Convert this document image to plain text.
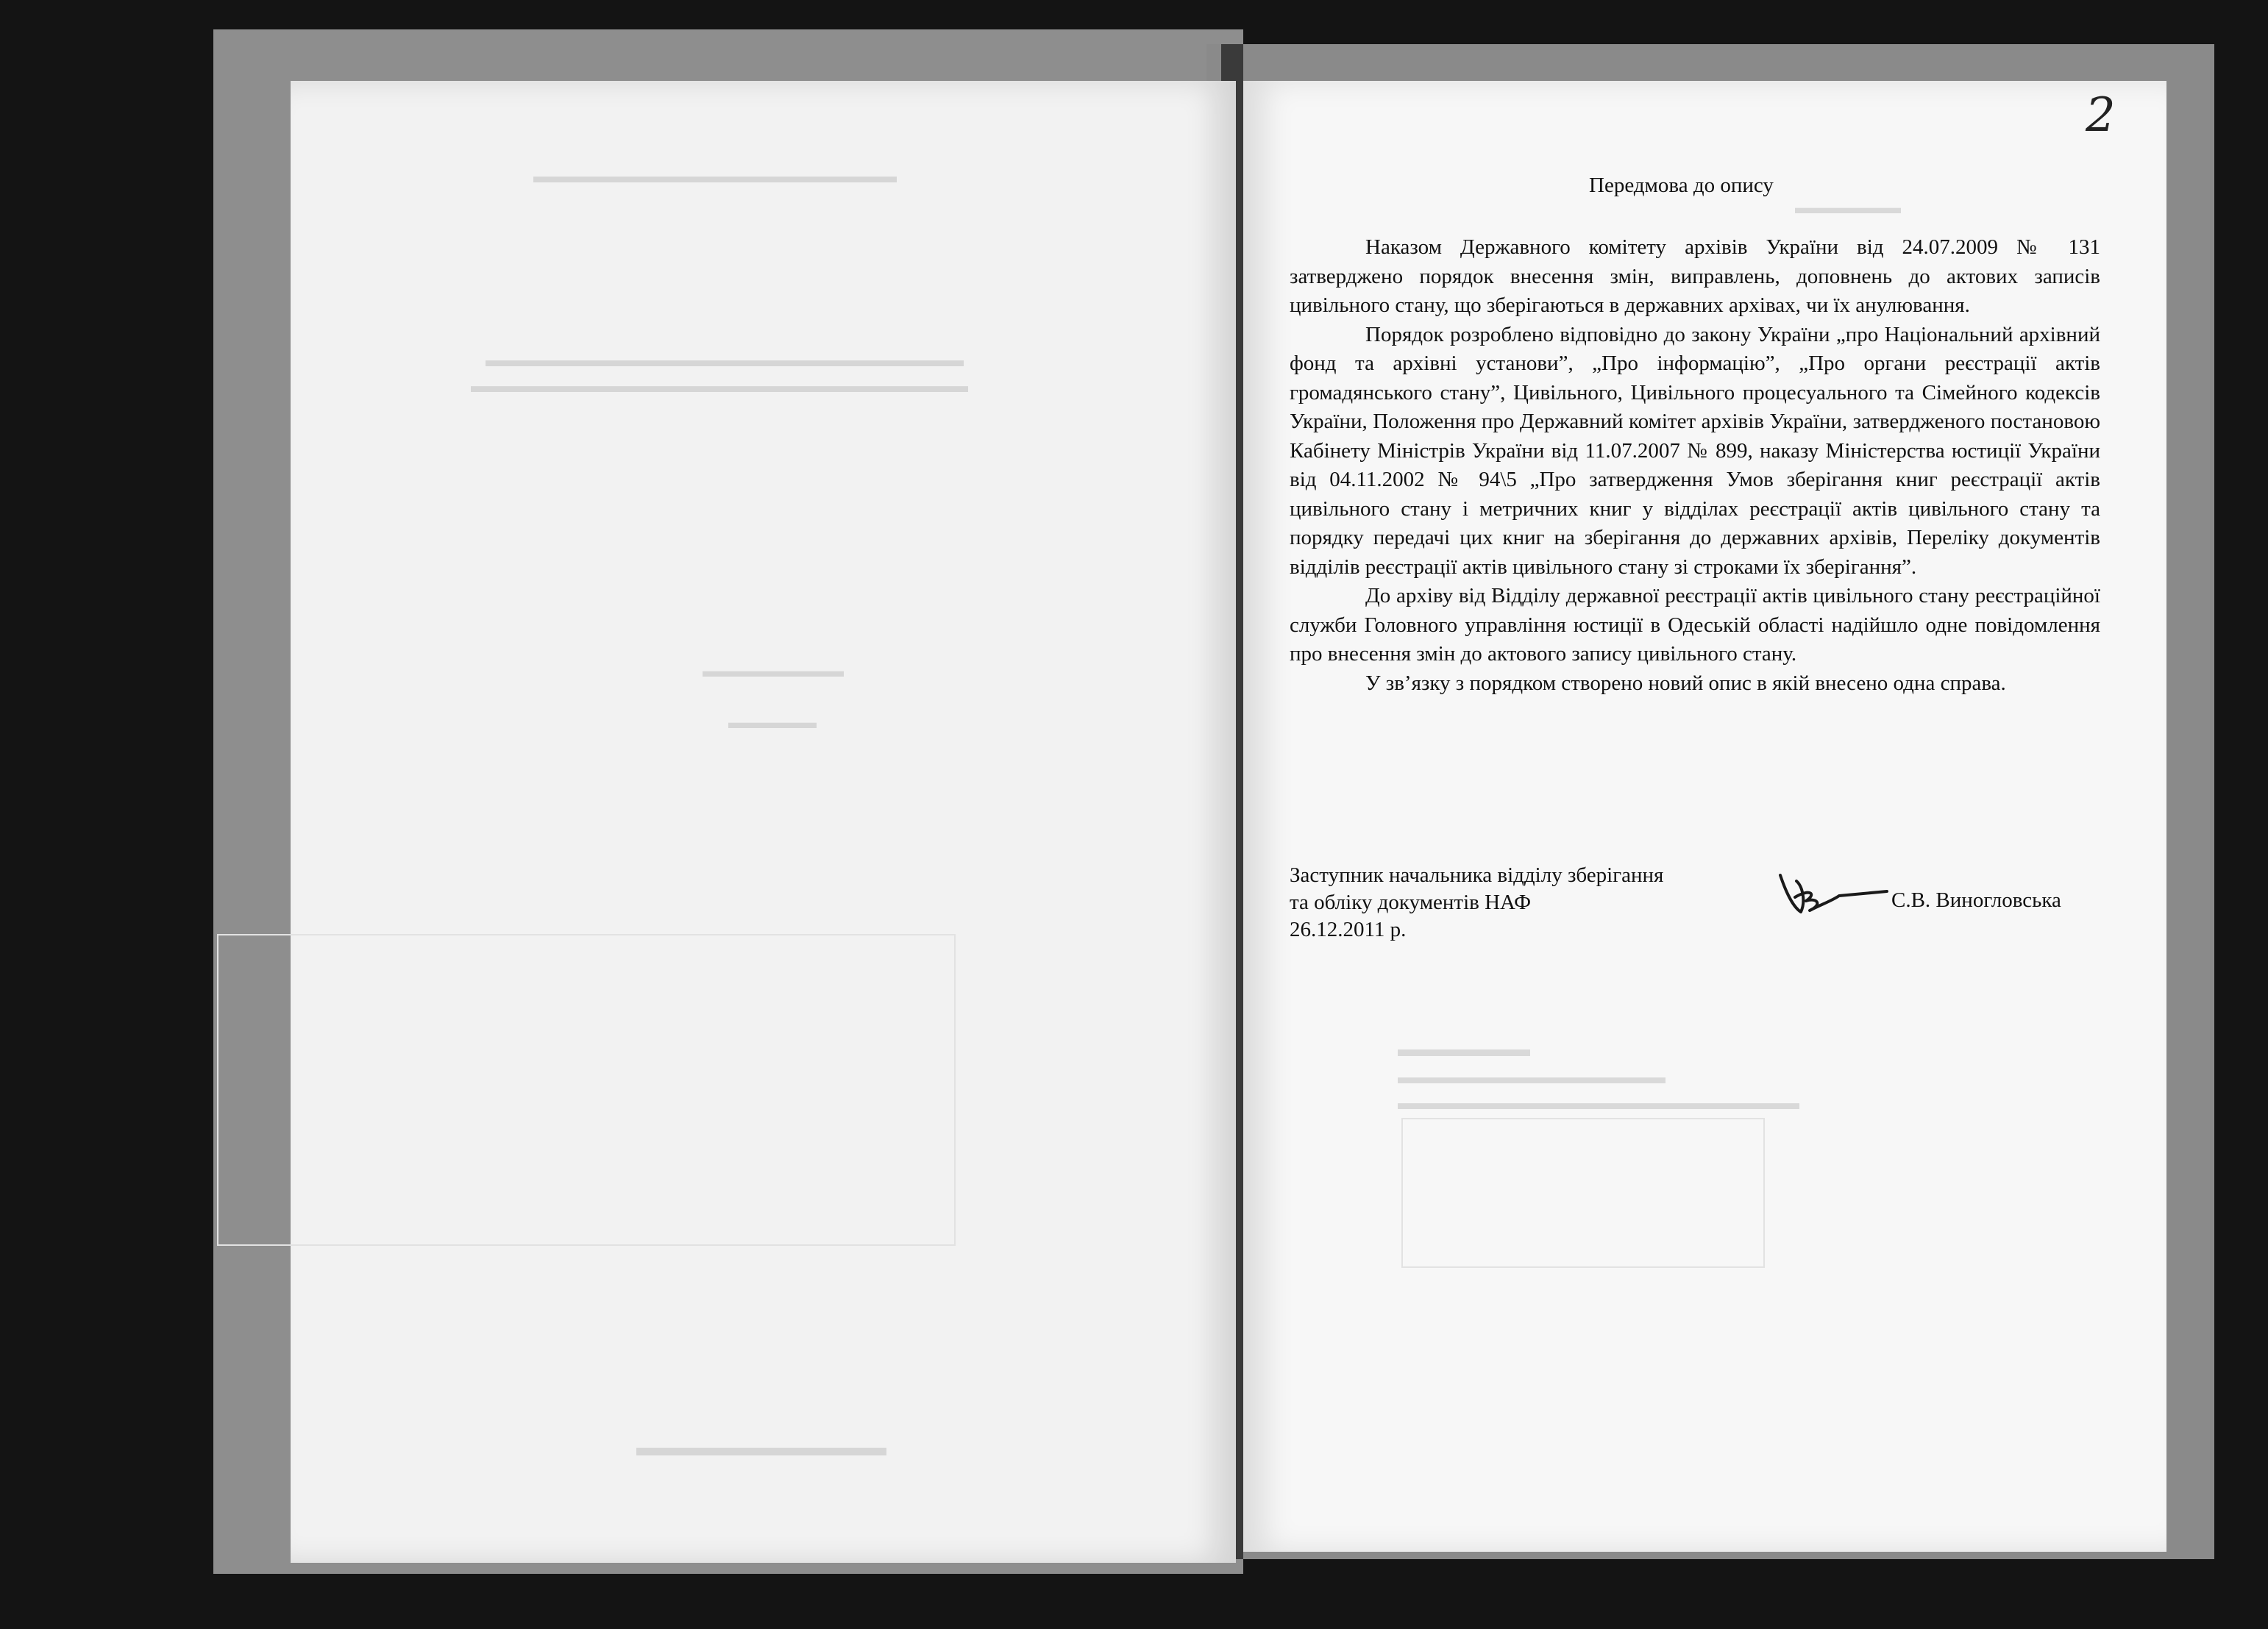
▬▬▬▬▬▬▬▬▬▬▬▬▬▬▬▬▬▬▬
▬▬▬▬▬▬▬▬▬▬▬▬▬▬▬▬▬▬▬▬▬▬▬▬▬
▬▬▬▬▬▬▬▬▬▬▬▬▬▬▬▬▬▬▬▬▬▬▬▬▬▬
▬▬▬▬▬▬▬▬
▬▬▬▬▬
▬▬▬▬▬▬▬▬▬▬
▬▬▬▬▬▬
▬▬▬▬▬▬
▬▬▬▬▬▬▬▬▬▬▬▬▬▬
▬▬▬▬▬▬▬▬▬▬▬▬▬▬▬▬▬▬▬▬▬
2
Передмова до опису

Наказом Державного комітету архівів України від 24.07.2009 № 131 затверджено порядок внесення змін, виправлень, доповнень до актових записів цивільного стану, що зберігаються в державних архівах, чи їх анулювання.

Порядок розроблено відповідно до закону України „про Національний архівний фонд та архівні установи”, „Про інформацію”, „Про органи реєстрації актів громадянського стану”, Цивільного, Цивільного процесуального та Сімейного кодексів України, Положення про Державний комітет архівів України, затвердженого постановою Кабінету Міністрів України від 11.07.2007 № 899, наказу Міністерства юстиції України від 04.11.2002 № 94\5 „Про затвердження Умов зберігання книг реєстрації актів цивільного стану і метричних книг у відділах реєстрації актів цивільного стану та порядку передачі цих книг на зберігання до державних архівів, Переліку документів відділів реєстрації актів цивільного стану зі строками їх зберігання”.

До архіву від Відділу державної реєстрації актів цивільного стану реєстраційної служби Головного управління юстиції в Одеській області надійшло одне повідомлення про внесення змін до актового запису цивільного стану.

У зв’язку з порядком створено новий опис в якій внесено одна справа.

Заступник начальника відділу зберігання
та обліку документів НАФ
26.12.2011 р.
С.В. Виногловська
